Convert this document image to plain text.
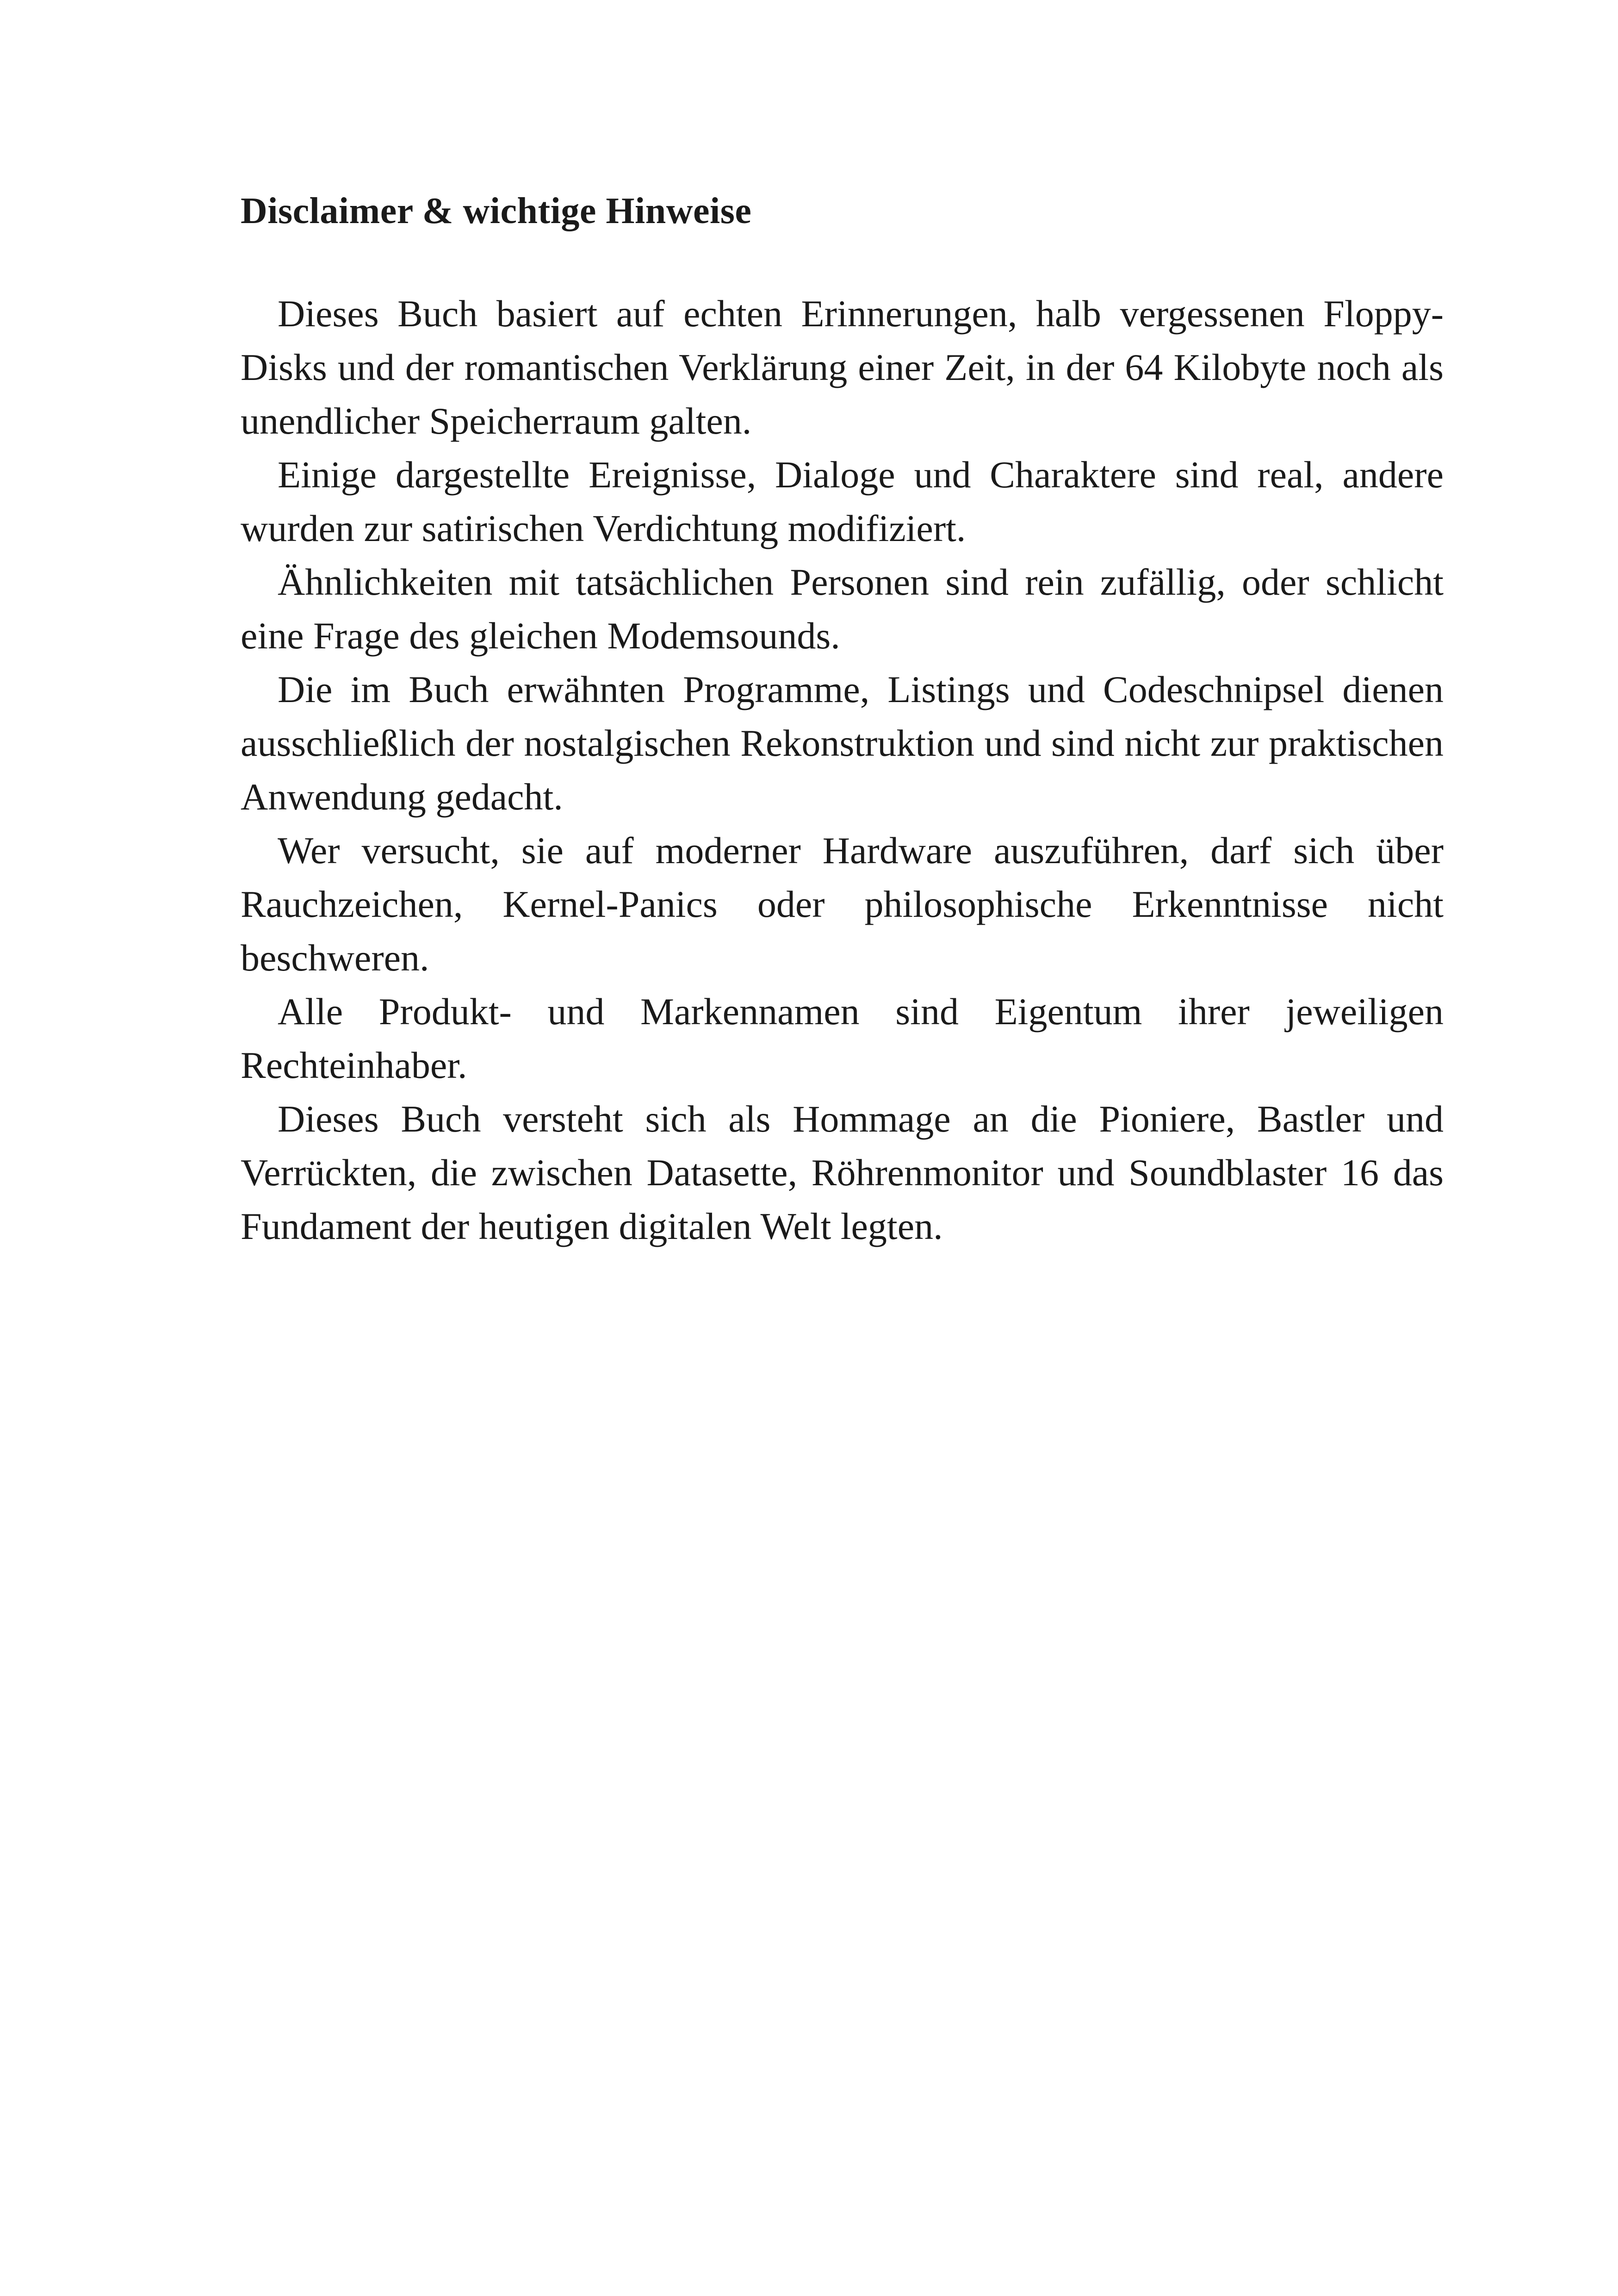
Disclaimer & wichtige Hinweise

Dieses Buch basiert auf echten Erinnerungen, halb vergessenen Floppy-Disks und der romantischen Verklärung einer Zeit, in der 64 Kilobyte noch als unendlicher Speicherraum galten.

Einige dargestellte Ereignisse, Dialoge und Charaktere sind real, andere wurden zur satirischen Verdichtung modifiziert.

Ähnlichkeiten mit tatsächlichen Personen sind rein zufällig, oder schlicht eine Frage des gleichen Modemsounds.

Die im Buch erwähnten Programme, Listings und Codeschnipsel dienen ausschließlich der nostalgischen Rekonstruktion und sind nicht zur praktischen Anwendung gedacht.

Wer versucht, sie auf moderner Hardware auszuführen, darf sich über Rauchzeichen, Kernel-Panics oder philosophische Erkenntnisse nicht beschweren.

Alle Produkt- und Markennamen sind Eigentum ihrer jeweiligen Rechteinhaber.

Dieses Buch versteht sich als Hommage an die Pioniere, Bastler und Verrückten, die zwischen Datasette, Röhrenmonitor und Soundblaster 16 das Fundament der heutigen digitalen Welt legten.
